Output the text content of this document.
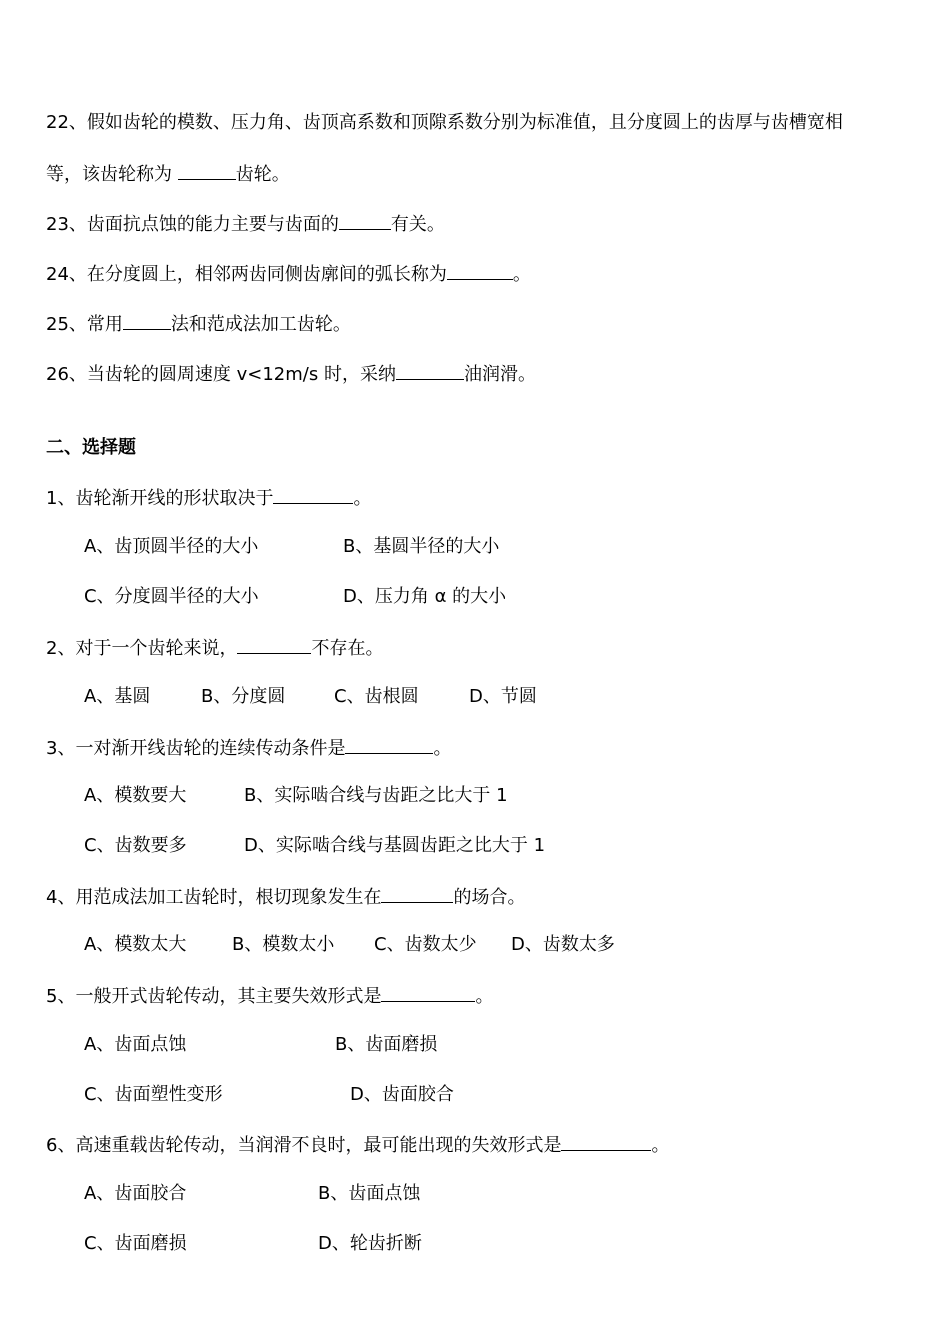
22、假如齿轮的模数、压力角、齿顶高系数和顶隙系数分别为标准值，且分度圆上的齿厚与齿槽宽相
等，该齿轮称为	齿轮。
23、齿面抗点蚀的能力主要与齿面的	有关。
24、在分度圆上，相邻两齿同侧齿廓间的弧长称为	。
25、常用	法和范成法加工齿轮。
26、当齿轮的圆周速度 v<12m/s 时，采纳	油润滑。
二、选择题
1、齿轮渐开线的形状取决于	。
A、齿顶圆半径的大小	B、基圆半径的大小
C、分度圆半径的大小	D、压力角 α 的大小
2、对于一个齿轮来说，	不存在。
A、基圆	B、分度圆	C、齿根圆	D、节圆
3、一对渐开线齿轮的连续传动条件是	。
A、模数要大	B、实际啮合线与齿距之比大于 1
C、齿数要多	D、实际啮合线与基圆齿距之比大于 1
4、用范成法加工齿轮时，根切现象发生在	的场合。
A、模数太大	B、模数太小 C、齿数太少 D、齿数太多
5、一般开式齿轮传动，其主要失效形式是	。
A、齿面点蚀	B、齿面磨损
C、齿面塑性变形	D、齿面胶合
6、高速重载齿轮传动，当润滑不良时，最可能出现的失效形式是	。
A、齿面胶合	B、齿面点蚀
C、齿面磨损	D、轮齿折断
